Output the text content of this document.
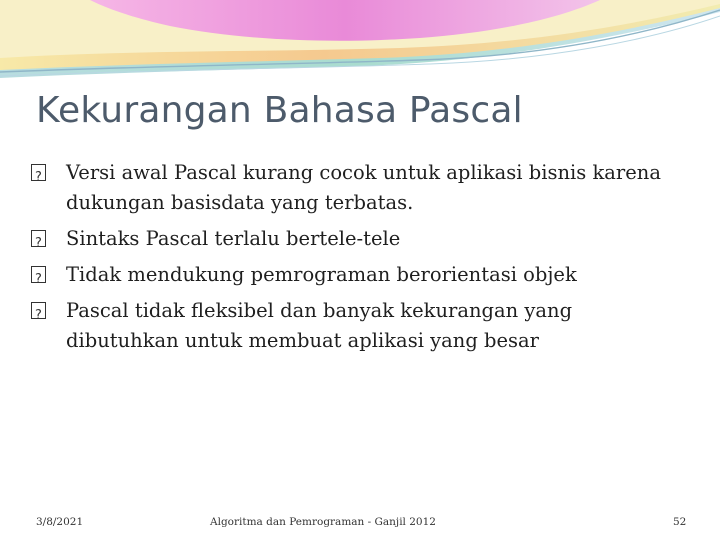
Kekurangan Bahasa Pascal
?
Versi awal Pascal kurang cocok untuk aplikasi bisnis karena dukungan basisdata yang terbatas.
?
Sintaks Pascal terlalu bertele-tele
?
Tidak mendukung pemrograman berorientasi objek
?
Pascal tidak fleksibel dan banyak kekurangan yang dibutuhkan untuk membuat aplikasi yang besar
3/8/2021	Algoritma dan Pemrograman - Ganjil 2012	52
